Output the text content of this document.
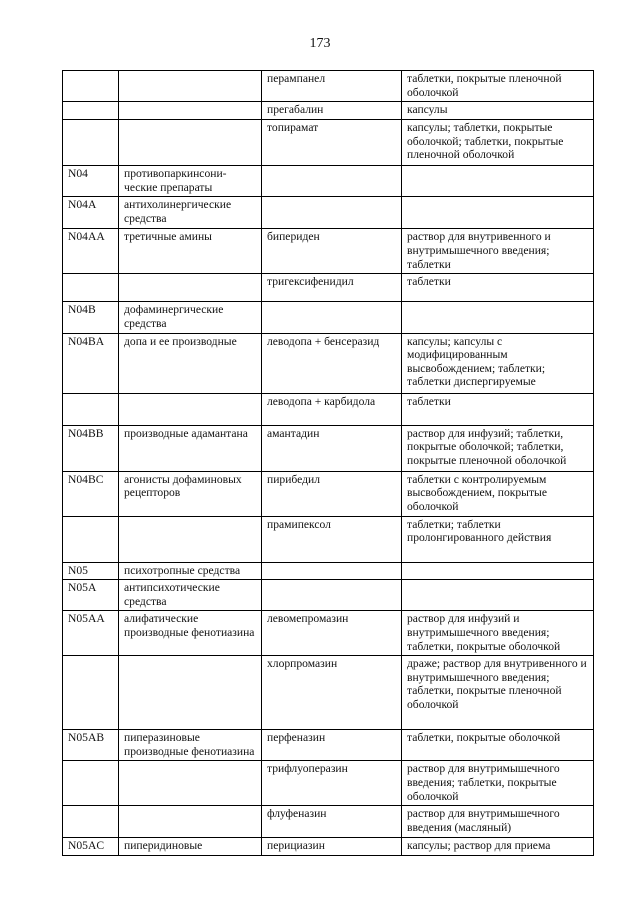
173
		перампанел	таблетки, покрытые пленочной оболочкой
		прегабалин	капсулы
		топирамат	капсулы; таблетки, покрытые оболочкой; таблетки, покрытые пленочной оболочкой
N04	противопаркинсони-ческие препараты		
N04A	антихолинергические средства		
N04AA	третичные амины	бипериден	раствор для внутривенного и внутримышечного введения; таблетки
		тригексифенидил	таблетки
N04B	дофаминергические средства		
N04BA	допа и ее производные	леводопа + бенсеразид	капсулы; капсулы с модифицированным высвобождением; таблетки; таблетки диспергируемые
		леводопа + карбидола	таблетки
N04BB	производные адамантана	амантадин	раствор для инфузий; таблетки, покрытые оболочкой; таблетки, покрытые пленочной оболочкой
N04BC	агонисты дофаминовых рецепторов	пирибедил	таблетки с контролируемым высвобождением, покрытые оболочкой
		прамипексол	таблетки; таблетки пролонгированного действия
N05	психотропные средства		
N05A	антипсихотические средства		
N05AA	алифатические производные фенотиазина	левомепромазин	раствор для инфузий и внутримышечного введения; таблетки, покрытые оболочкой
		хлорпромазин	драже; раствор для внутривенного и внутримышечного введения; таблетки, покрытые пленочной оболочкой
N05AB	пиперазиновые производные фенотиазина	перфеназин	таблетки, покрытые оболочкой
		трифлуоперазин	раствор для внутримышечного введения; таблетки, покрытые оболочкой
		флуфеназин	раствор для внутримышечного введения (масляный)
N05AC	пиперидиновые	перициазин	капсулы; раствор для приема
